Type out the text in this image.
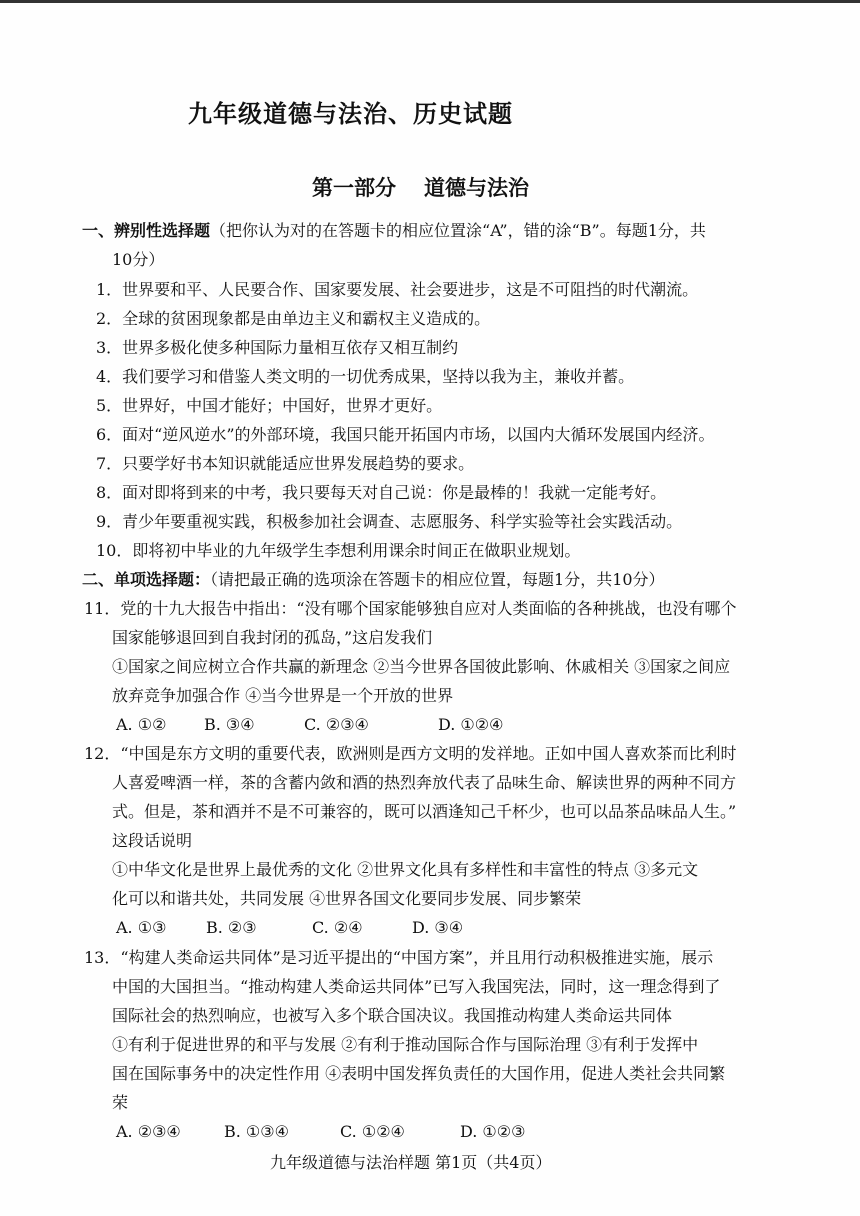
九年级道德与法治、历史试题
第一部分 道德与法治
一、辨别性选择题（把你认为对的在答题卡的相应位置涂“A”，错的涂“B”。每题1分，共
10分）
1．世界要和平、人民要合作、国家要发展、社会要进步，这是不可阻挡的时代潮流。
2．全球的贫困现象都是由单边主义和霸权主义造成的。
3．世界多极化使多种国际力量相互依存又相互制约
4．我们要学习和借鉴人类文明的一切优秀成果，坚持以我为主，兼收并蓄。
5．世界好，中国才能好；中国好，世界才更好。
6．面对“逆风逆水”的外部环境，我国只能开拓国内市场，以国内大循环发展国内经济。
7．只要学好书本知识就能适应世界发展趋势的要求。
8．面对即将到来的中考，我只要每天对自己说：你是最棒的！我就一定能考好。
9．青少年要重视实践，积极参加社会调查、志愿服务、科学实验等社会实践活动。
10．即将初中毕业的九年级学生李想利用课余时间正在做职业规划。
二、单项选择题：（请把最正确的选项涂在答题卡的相应位置，每题1分，共10分）
11．党的十九大报告中指出：“没有哪个国家能够独自应对人类面临的各种挑战，也没有哪个
国家能够退回到自我封闭的孤岛，”这启发我们
①国家之间应树立合作共赢的新理念 ②当今世界各国彼此影响、休戚相关 ③国家之间应
放弃竞争加强合作 ④当今世界是一个开放的世界
A. ①② B. ③④	C. ②③④	D. ①②④
12．“中国是东方文明的重要代表，欧洲则是西方文明的发祥地。正如中国人喜欢茶而比利时
人喜爱啤酒一样，茶的含蓄内敛和酒的热烈奔放代表了品味生命、解读世界的两种不同方
式。但是，茶和酒并不是不可兼容的，既可以酒逢知己千杯少，也可以品茶品味品人生。”
这段话说明
①中华文化是世界上最优秀的文化 ②世界文化具有多样性和丰富性的特点 ③多元文
化可以和谐共处，共同发展 ④世界各国文化要同步发展、同步繁荣
A. ①③ B. ②③	C. ②④	D. ③④
13．“构建人类命运共同体”是习近平提出的“中国方案”，并且用行动积极推进实施，展示
中国的大国担当。“推动构建人类命运共同体”已写入我国宪法，同时，这一理念得到了
国际社会的热烈响应，也被写入多个联合国决议。我国推动构建人类命运共同体
①有利于促进世界的和平与发展 ②有利于推动国际合作与国际治理 ③有利于发挥中
国在国际事务中的决定性作用 ④表明中国发挥负责任的大国作用，促进人类社会共同繁
荣
A. ②③④	B. ①③④	C. ①②④	D. ①②③
九年级道德与法治样题 第1页（共4页）
